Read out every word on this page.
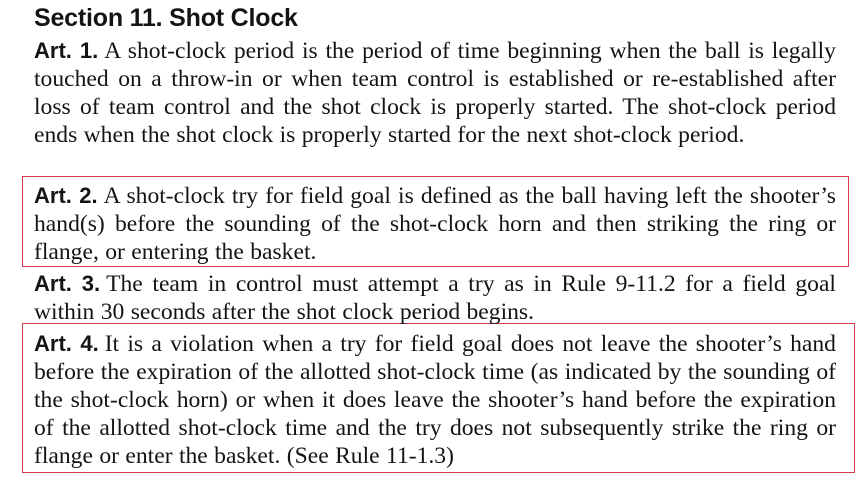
Section 11. Shot Clock

Art. 1. A shot-clock period is the period of time beginning when the ball is legally touched on a throw-in or when team control is established or re-established after loss of team control and the shot clock is properly started. The shot-clock period ends when the shot clock is properly started for the next shot-clock period.

Art. 2. A shot-clock try for field goal is defined as the ball having left the shooter’s hand(s) before the sounding of the shot-clock horn and then striking the ring or flange, or entering the basket.

Art. 3. The team in control must attempt a try as in Rule 9-11.2 for a field goal within 30 seconds after the shot clock period begins.

Art. 4. It is a violation when a try for field goal does not leave the shooter’s hand before the expiration of the allotted shot-clock time (as indicated by the sounding of the shot-clock horn) or when it does leave the shooter’s hand before the expiration of the allotted shot-clock time and the try does not subsequently strike the ring or flange or enter the basket. (See Rule 11-1.3)
